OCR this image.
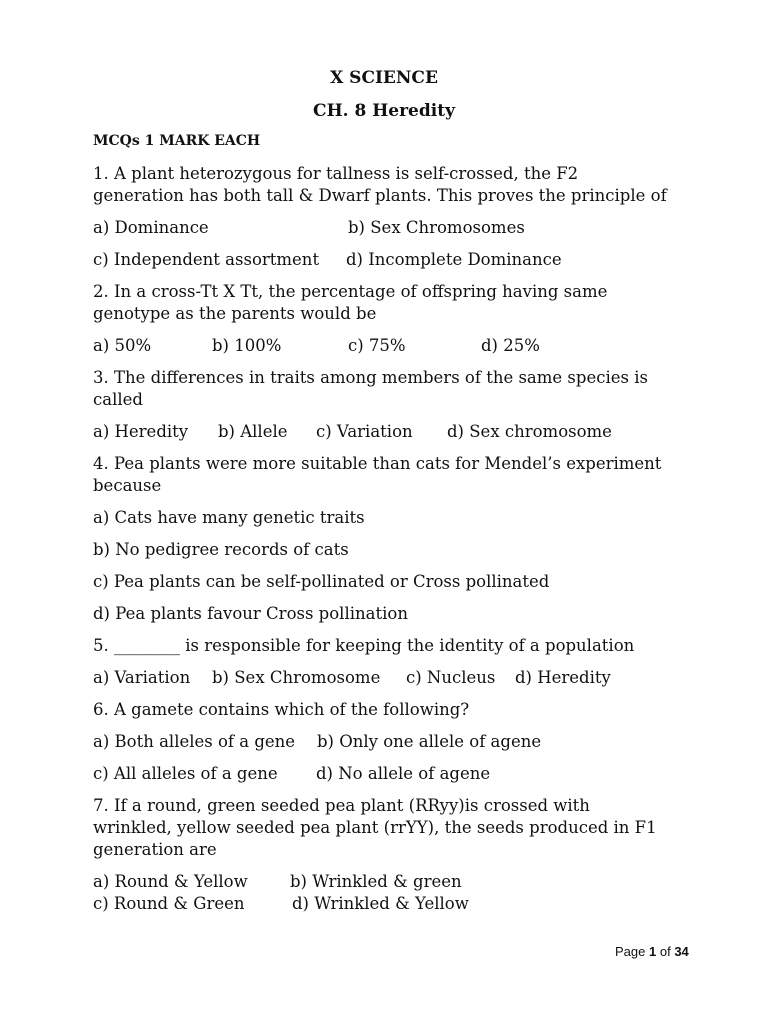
X SCIENCE
CH. 8 Heredity
MCQs 1 MARK EACH
1. A plant heterozygous for tallness is self-crossed, the F2
generation has both tall & Dwarf plants. This proves the principle of
a) Dominance	b) Sex Chromosomes
c) Independent assortment d) Incomplete Dominance
2. In a cross-Tt X Tt, the percentage of offspring having same
genotype as the parents would be
a) 50%	b) 100%	c) 75%	d) 25%
3. The differences in traits among members of the same species is
called
a) Heredity b) Allele c) Variation d) Sex chromosome
4. Pea plants were more suitable than cats for Mendel’s experiment
because
a) Cats have many genetic traits
b) No pedigree records of cats
c) Pea plants can be self-pollinated or Cross pollinated
d) Pea plants favour Cross pollination
5. ________ is responsible for keeping the identity of a population
a) Variation b) Sex Chromosome c) Nucleus d) Heredity
6. A gamete contains which of the following?
a) Both alleles of a gene b) Only one allele of agene
c) All alleles of a gene d) No allele of agene
7. If a round, green seeded pea plant (RRyy)is crossed with
wrinkled, yellow seeded pea plant (rrYY), the seeds produced in F1
generation are
a) Round & Yellow	b) Wrinkled & green
c) Round & Green	d) Wrinkled & Yellow
Page 1 of 34
